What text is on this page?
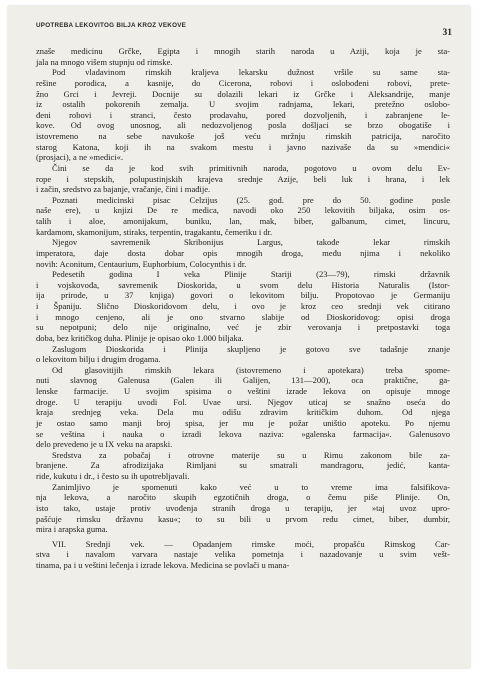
UPOTREBA LEKOVITOG BILJA KROZ VEKOVE
31
znaše medicinu Grčke, Egipta i mnogih starih naroda u Aziji, koja je sta-
jala na mnogo višem stupnju od rimske.
Pod vladavinom rimskih kraljeva lekarsku dužnost vršile su same sta-
rešine porodica, a kasnije, do Cicerona, robovi i oslobođeni robovi, prete-
žno Grci i Jevreji. Docnije su dolazili lekari iz Grčke i Aleksandrije, manje
iz ostalih pokorenih zemalja. U svojim radnjama, lekari, pretežno oslobo-
đeni robovi i stranci, često prodavahu, pored dozvoljenih, i zabranjene le-
kove. Od ovog unosnog, ali nedozvoljenog posla došljaci se brzo obogatiše i
istovremeno na sebe navukoše još veću mržnju rimskih patricija, naročito
starog Katona, koji ih na svakom mestu i javno nazivaše da su »mendici«
(prosjaci), a ne »medici«.
Čini se da je kod svih primitivnih naroda, pogotovo u ovom delu Ev-
rope i stepskih, polupustinjskih krajeva srednje Azije, beli luk i hrana, i lek
i začin, sredstvo za bajanje, vračanje, čini i mađije.
Poznati medicinski pisac Celzijus (25. god. pre do 50. godine posle
naše ere), u knjizi De re medica, navodi oko 250 lekovitih biljaka, osim os-
talih i aloe, amonijakum, buniku, lan, mak, biber, galbanum, cimet, lincuru,
kardamom, skamonijum, stiraks, terpentin, tragakantu, čemeriku i dr.
Njegov savremenik Skribonijus Largus, takođe lekar rimskih
imperatora, daje dosta dobar opis mnogih droga, među njima i nekoliko
novih: Aconitum, Centaurium, Euphorbium, Colocynthis i dr.
Pedesetih godina I veka Plinije Stariji (23—79), rimski državnik
i vojskovođa, savremenik Dioskorida, u svom delu Historia Naturalis (Istor-
ija prirode, u 37 knjiga) govori o lekovitom bilju. Propotovao je Germaniju
i Španiju. Slično Dioskoridovom delu, i ovo je kroz ceo srednji vek citirano
i mnogo cenjeno, ali je ono stvarno slabije od Dioskoridovog: opisi droga
su nepotpuni; delo nije originalno, već je zbir verovanja i pretpostavki toga
doba, bez kritičkog duha. Plinije je opisao oko 1.000 biljaka.
Zaslugom Dioskorida i Plinija skupljeno je gotovo sve tadašnje znanje
o lekovitom bilju i drugim drogama.
Od glasovitijih rimskih lekara (istovremeno i apotekara) treba spome-
nuti slavnog Galenusa (Galen ili Galijen, 131—200), oca praktične, ga-
lenske farmacije. U svojim spisima o veštini izrade lekova on opisuje mnoge
droge. U terapiju uvodi Fol. Uvae ursi. Njegov uticaj se snažno oseća do
kraja srednjeg veka. Dela mu odišu zdravim kritičkim duhom. Od njega
je ostao samo manji broj spisa, jer mu je požar uništio apoteku. Po njemu
se veština i nauka o izradi lekova naziva: »galenska farmacija«. Galenusovo
delo prevedeno je u IX veku na arapski.
Sredstva za pobačaj i otrovne materije su u Rimu zakonom bile za-
branjene. Za afrodizijaka Rimljani su smatrali mandragoru, jedić, kanta-
ride, kukutu i dr., i često su ih upotrebljavali.
Zanimljivo je spomenuti kako već u to vreme ima falsifikova-
nja lekova, a naročito skupih egzotičnih droga, o čemu piše Plinije. On,
isto tako, ustaje protiv uvođenja stranih droga u terapiju, jer »taj uvoz upro-
pašćuje rimsku državnu kasu«; to su bili u prvom redu cimet, biber, dumbir,
mira i arapska guma.
VII. Srednji vek. — Opadanjem rimske moći, propašću Rimskog Car-
stva i navalom varvara nastaje velika pometnja i nazadovanje u svim vešt-
tinama, pa i u veštini lečenja i izrade lekova. Medicina se povlači u mana-
